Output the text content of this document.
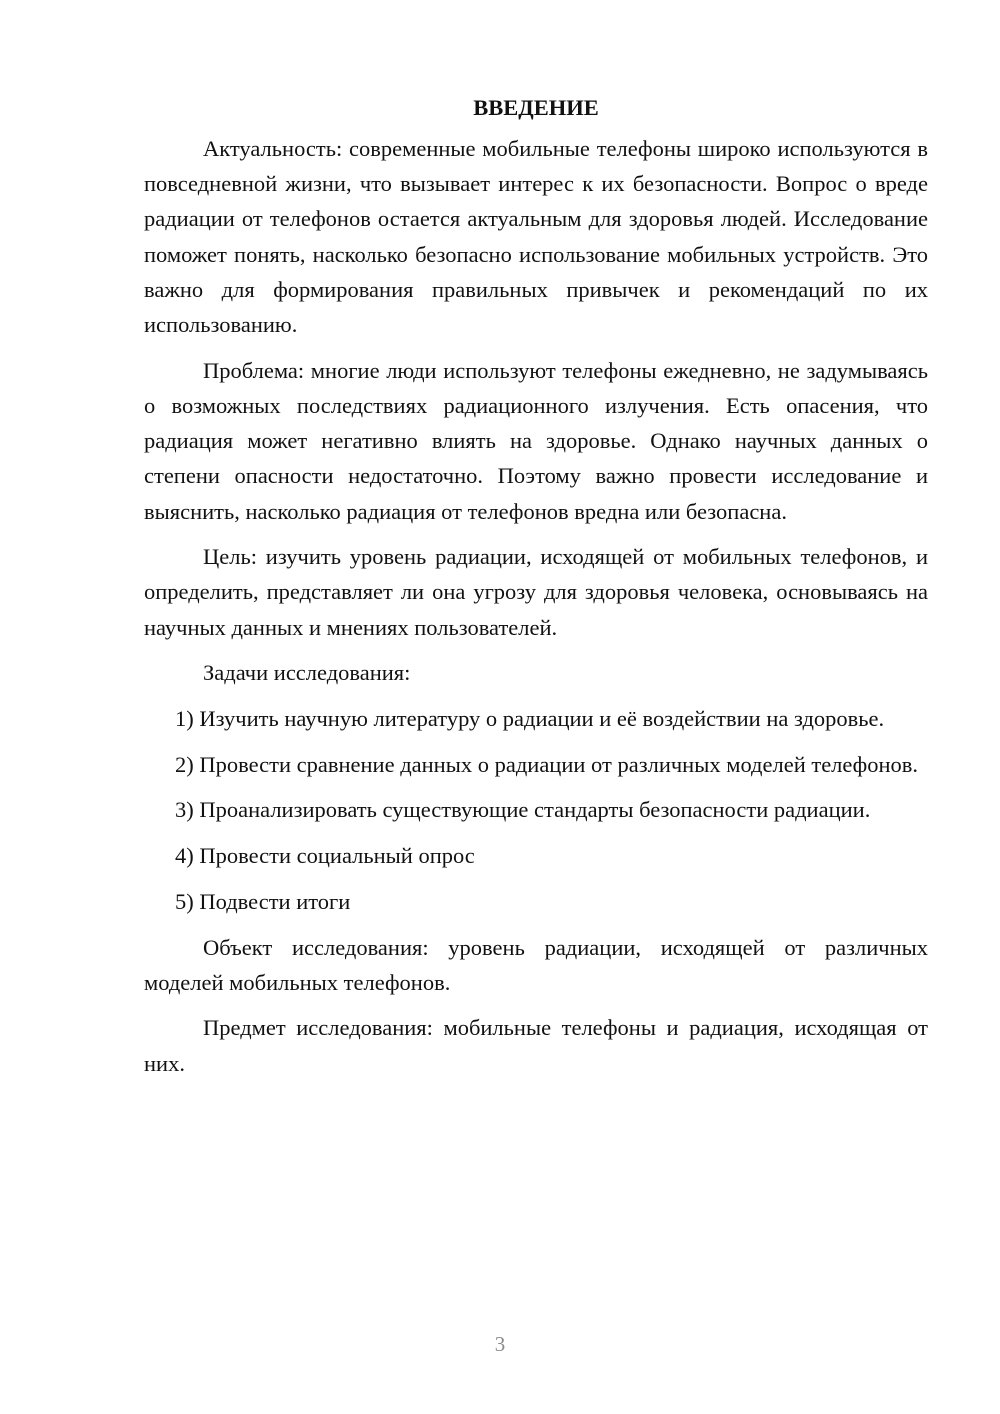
ВВЕДЕНИЕ

Актуальность: современные мобильные телефоны широко используются в повседневной жизни, что вызывает интерес к их безопасности. Вопрос о вреде радиации от телефонов остается актуальным для здоровья людей. Исследование поможет понять, насколько безопасно использование мобильных устройств. Это важно для формирования правильных привычек и рекомендаций по их использованию.

Проблема: многие люди используют телефоны ежедневно, не задумываясь о возможных последствиях радиационного излучения. Есть опасения, что радиация может негативно влиять на здоровье. Однако научных данных о степени опасности недостаточно. Поэтому важно провести исследование и выяснить, насколько радиация от телефонов вредна или безопасна.

Цель: изучить уровень радиации, исходящей от мобильных телефонов, и определить, представляет ли она угрозу для здоровья человека, основываясь на научных данных и мнениях пользователей.

Задачи исследования:

1) Изучить научную литературу о радиации и её воздействии на здоровье.

2) Провести сравнение данных о радиации от различных моделей телефонов.

3) Проанализировать существующие стандарты безопасности радиации.

4) Провести социальный опрос

5) Подвести итоги

Объект исследования: уровень радиации, исходящей от различных моделей мобильных телефонов.

Предмет исследования: мобильные телефоны и радиация, исходящая от них.

3
